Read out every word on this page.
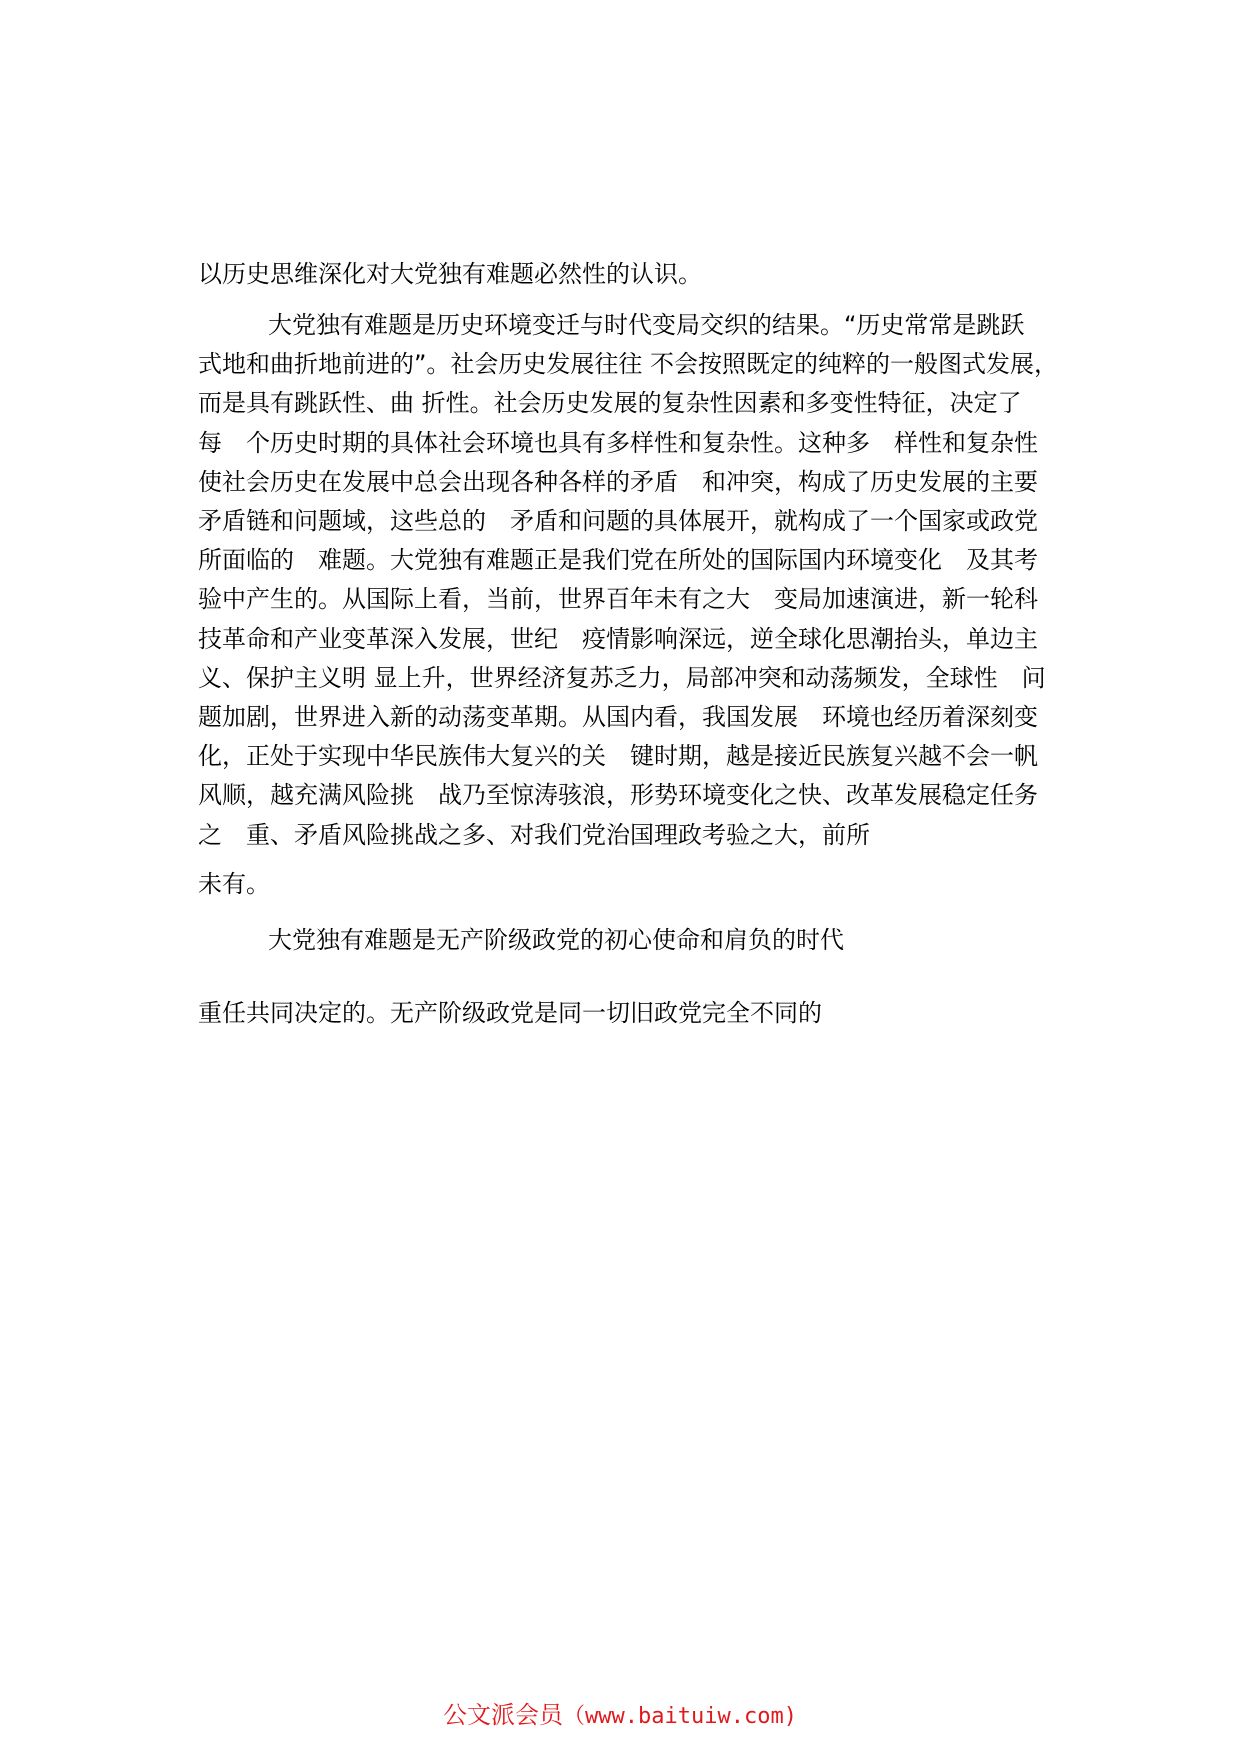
以历史思维深化对大党独有难题必然性的认识。
大党独有难题是历史环境变迁与时代变局交织的结果。“历史常常是跳跃
式地和曲折地前进的”。社会历史发展往往 不会按照既定的纯粹的一般图式发展，
而是具有跳跃性、曲 折性。社会历史发展的复杂性因素和多变性特征，决定了
每　个历史时期的具体社会环境也具有多样性和复杂性。这种多　样性和复杂性
使社会历史在发展中总会出现各种各样的矛盾　和冲突，构成了历史发展的主要
矛盾链和问题域，这些总的　矛盾和问题的具体展开，就构成了一个国家或政党
所面临的　难题。大党独有难题正是我们党在所处的国际国内环境变化　及其考
验中产生的。从国际上看，当前，世界百年未有之大　变局加速演进，新一轮科
技革命和产业变革深入发展，世纪　疫情影响深远，逆全球化思潮抬头，单边主
义、保护主义明 显上升，世界经济复苏乏力，局部冲突和动荡频发，全球性　问
题加剧，世界进入新的动荡变革期。从国内看，我国发展　环境也经历着深刻变
化，正处于实现中华民族伟大复兴的关　键时期，越是接近民族复兴越不会一帆
风顺，越充满风险挑　战乃至惊涛骇浪，形势环境变化之快、改革发展稳定任务
之　重、矛盾风险挑战之多、对我们党治国理政考验之大，前所
未有。
大党独有难题是无产阶级政党的初心使命和肩负的时代
重任共同决定的。无产阶级政党是同一切旧政党完全不同的
公文派会员（www.baituiw.com)
